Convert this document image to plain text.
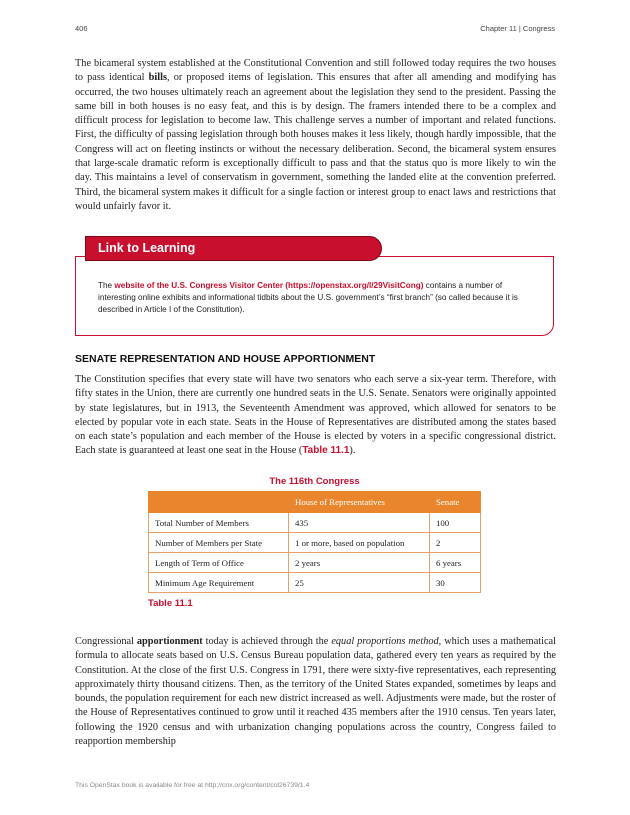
406	Chapter 11 | Congress

The bicameral system established at the Constitutional Convention and still followed today requires the two houses to pass identical bills, or proposed items of legislation. This ensures that after all amending and modifying has occurred, the two houses ultimately reach an agreement about the legislation they send to the president. Passing the same bill in both houses is no easy feat, and this is by design. The framers intended there to be a complex and difficult process for legislation to become law. This challenge serves a number of important and related functions. First, the difficulty of passing legislation through both houses makes it less likely, though hardly impossible, that the Congress will act on fleeting instincts or without the necessary deliberation. Second, the bicameral system ensures that large-scale dramatic reform is exceptionally difficult to pass and that the status quo is more likely to win the day. This maintains a level of conservatism in government, something the landed elite at the convention preferred. Third, the bicameral system makes it difficult for a single faction or interest group to enact laws and restrictions that would unfairly favor it.

Link to Learning
The website of the U.S. Congress Visitor Center (https://openstax.org/l/29VisitCong) contains a number of interesting online exhibits and informational tidbits about the U.S. government’s “first branch” (so called because it is described in Article I of the Constitution).
SENATE REPRESENTATION AND HOUSE APPORTIONMENT

The Constitution specifies that every state will have two senators who each serve a six-year term. Therefore, with fifty states in the Union, there are currently one hundred seats in the U.S. Senate. Senators were originally appointed by state legislatures, but in 1913, the Seventeenth Amendment was approved, which allowed for senators to be elected by popular vote in each state. Seats in the House of Representatives are distributed among the states based on each state’s population and each member of the House is elected by voters in a specific congressional district. Each state is guaranteed at least one seat in the House (Table 11.1).

The 116th Congress
	House of Representatives	Senate
Total Number of Members	435	100
Number of Members per State	1 or more, based on population	2
Length of Term of Office	2 years	6 years
Minimum Age Requirement	25	30
Table 11.1

Congressional apportionment today is achieved through the equal proportions method, which uses a mathematical formula to allocate seats based on U.S. Census Bureau population data, gathered every ten years as required by the Constitution. At the close of the first U.S. Congress in 1791, there were sixty-five representatives, each representing approximately thirty thousand citizens. Then, as the territory of the United States expanded, sometimes by leaps and bounds, the population requirement for each new district increased as well. Adjustments were made, but the roster of the House of Representatives continued to grow until it reached 435 members after the 1910 census. Ten years later, following the 1920 census and with urbanization changing populations across the country, Congress failed to reapportion membership

This OpenStax book is available for free at http://cnx.org/content/col26739/1.4
